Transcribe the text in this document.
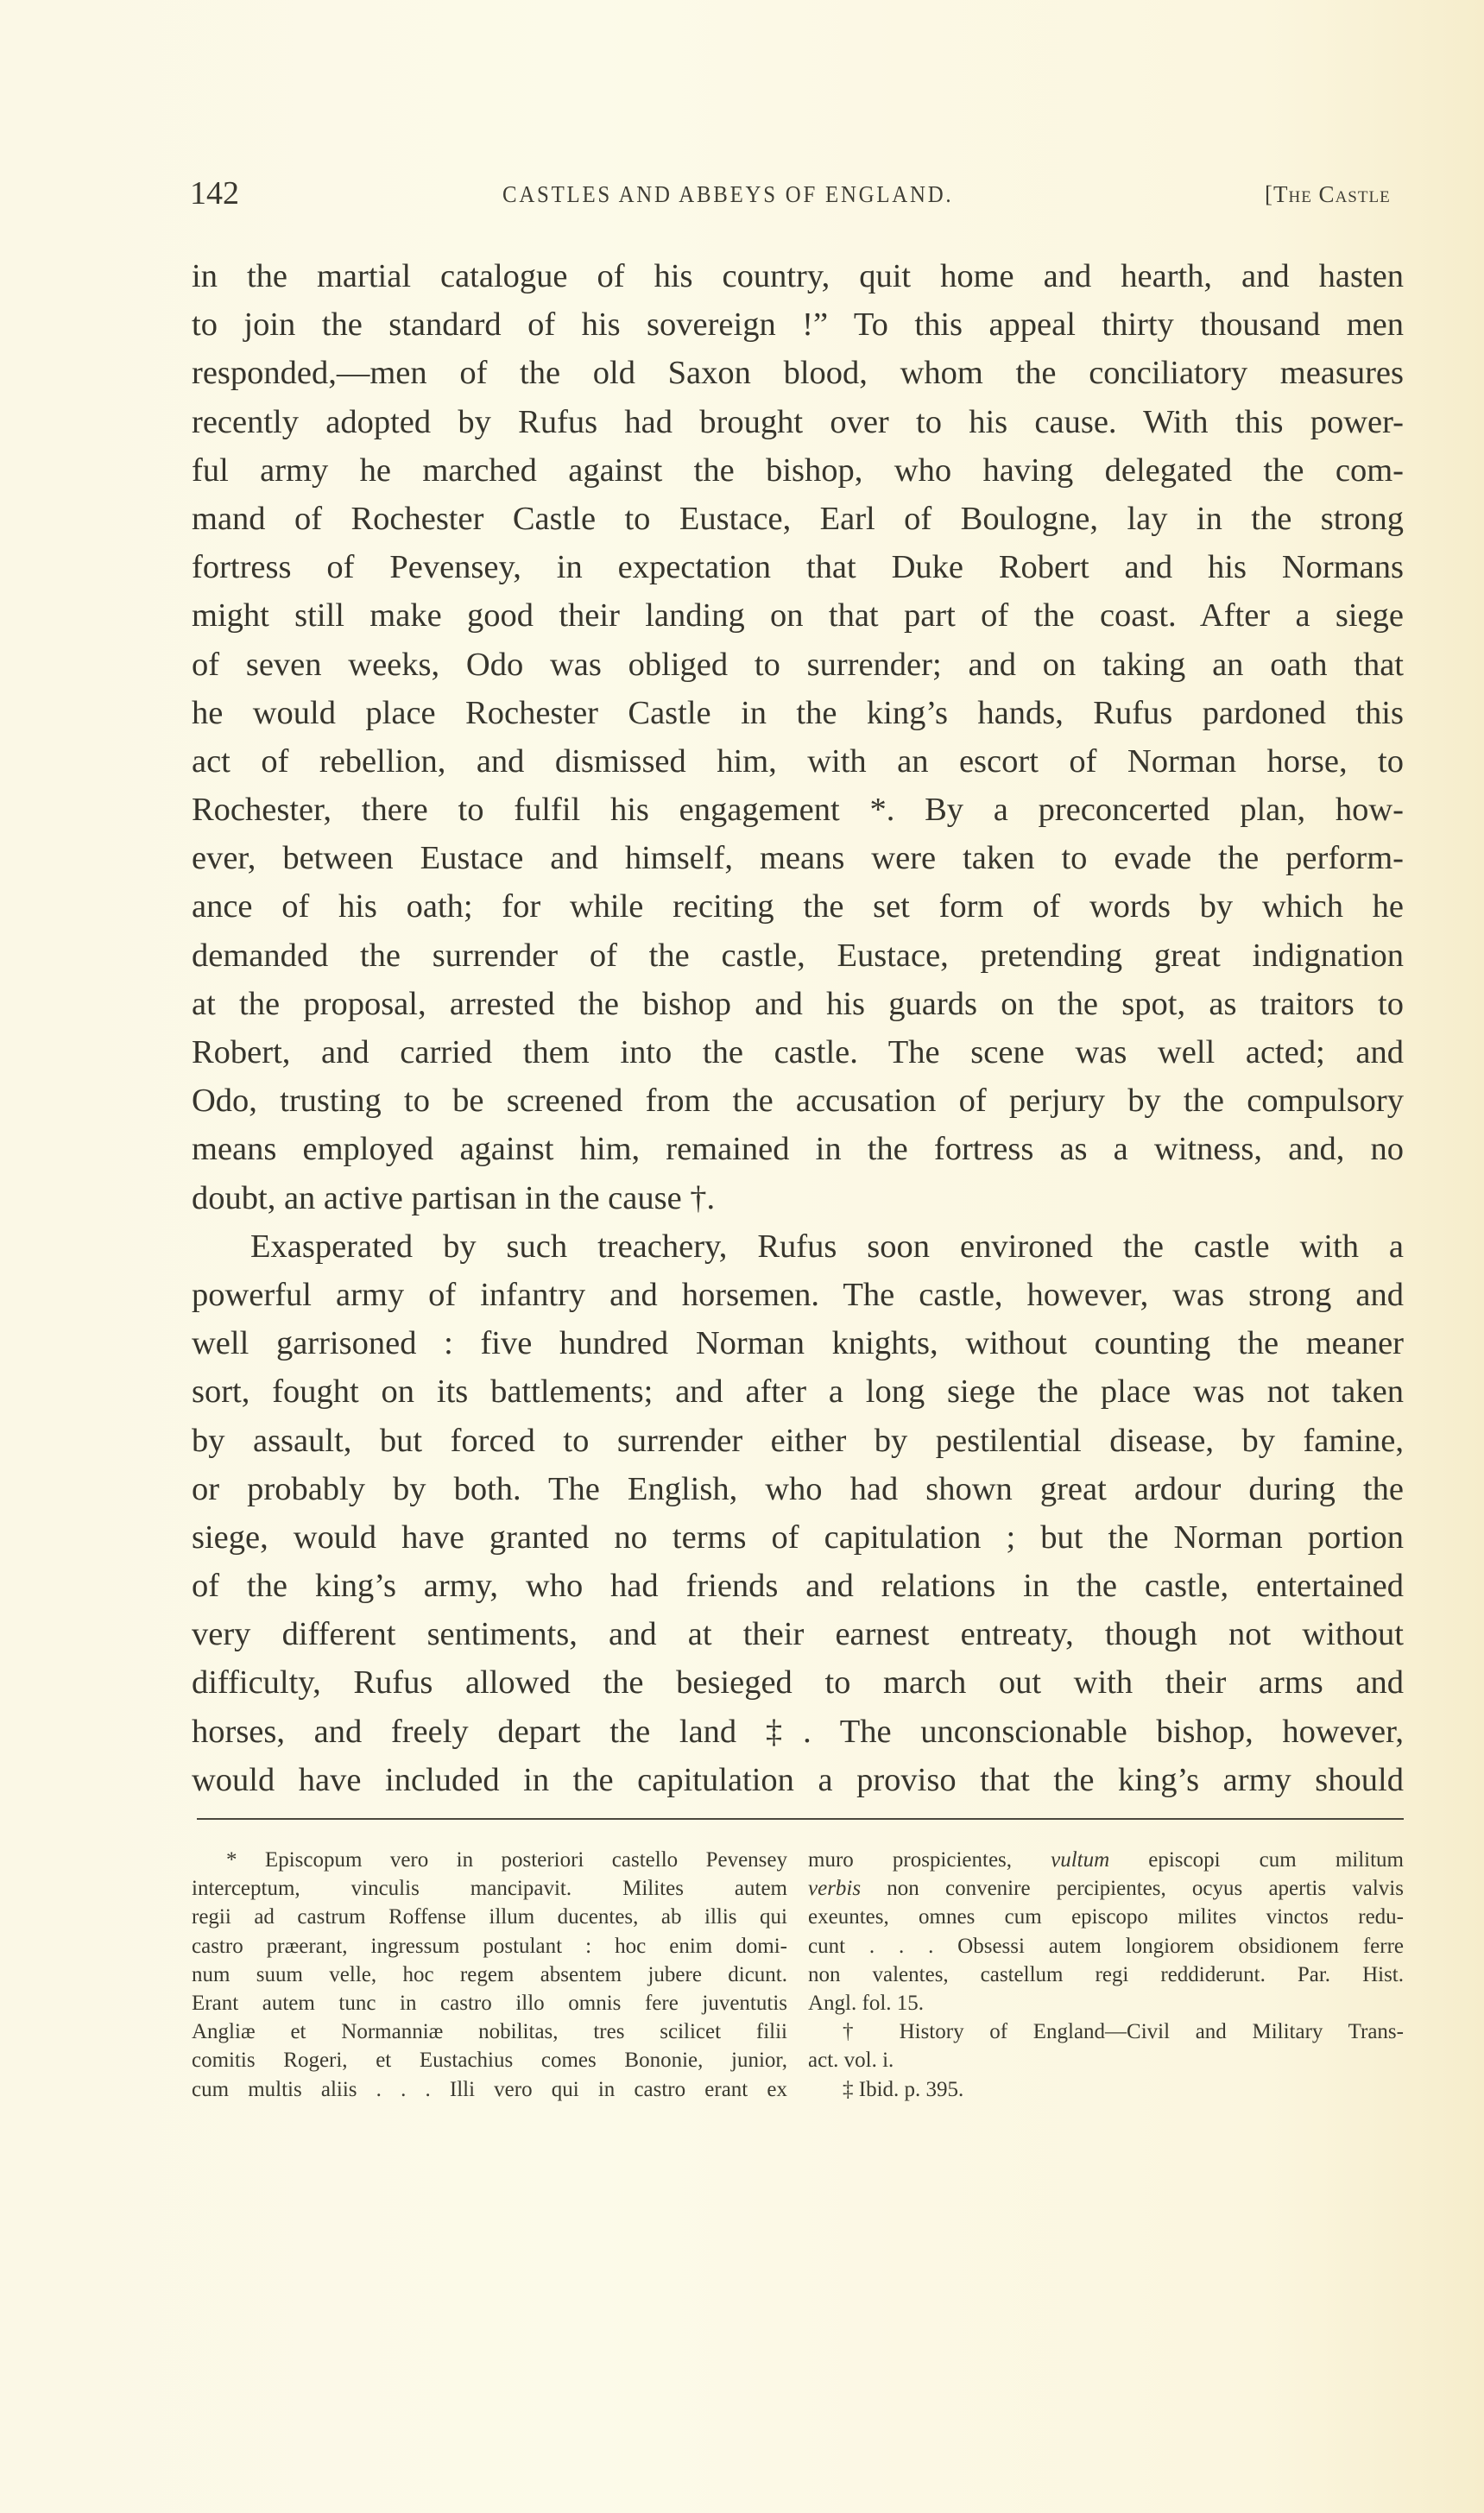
142	CASTLES AND ABBEYS OF ENGLAND.	[The Castle
in the martial catalogue of his country, quit home and hearth, and hasten
to join the standard of his sovereign !” To this appeal thirty thousand men
responded,—men of the old Saxon blood, whom the conciliatory measures
recently adopted by Rufus had brought over to his cause. With this power-
ful army he marched against the bishop, who having delegated the com-
mand of Rochester Castle to Eustace, Earl of Boulogne, lay in the strong
fortress of Pevensey, in expectation that Duke Robert and his Normans
might still make good their landing on that part of the coast. After a siege
of seven weeks, Odo was obliged to surrender; and on taking an oath that
he would place Rochester Castle in the king’s hands, Rufus pardoned this
act of rebellion, and dismissed him, with an escort of Norman horse, to
Rochester, there to fulfil his engagement *. By a preconcerted plan, how-
ever, between Eustace and himself, means were taken to evade the perform-
ance of his oath; for while reciting the set form of words by which he
demanded the surrender of the castle, Eustace, pretending great indignation
at the proposal, arrested the bishop and his guards on the spot, as traitors to
Robert, and carried them into the castle. The scene was well acted; and
Odo, trusting to be screened from the accusation of perjury by the compulsory
means employed against him, remained in the fortress as a witness, and, no
doubt, an active partisan in the cause †.
Exasperated by such treachery, Rufus soon environed the castle with a
powerful army of infantry and horsemen. The castle, however, was strong and
well garrisoned : five hundred Norman knights, without counting the meaner
sort, fought on its battlements; and after a long siege the place was not taken
by assault, but forced to surrender either by pestilential disease, by famine,
or probably by both. The English, who had shown great ardour during the
siege, would have granted no terms of capitulation ; but the Norman portion
of the king’s army, who had friends and relations in the castle, entertained
very different sentiments, and at their earnest entreaty, though not without
difficulty, Rufus allowed the besieged to march out with their arms and
horses, and freely depart the land ‡. The unconscionable bishop, however,
would have included in the capitulation a proviso that the king’s army should
* Episcopum vero in posteriori castello Pevensey
interceptum, vinculis mancipavit. Milites autem
regii ad castrum Roffense illum ducentes, ab illis qui
castro præerant, ingressum postulant : hoc enim domi-
num suum velle, hoc regem absentem jubere dicunt.
Erant autem tunc in castro illo omnis fere juventutis
Angliæ et Normanniæ nobilitas, tres scilicet filii
comitis Rogeri, et Eustachius comes Bononie, junior,
cum multis aliis . . . Illi vero qui in castro erant ex
muro prospicientes, vultum episcopi cum militum
verbis non convenire percipientes, ocyus apertis valvis
exeuntes, omnes cum episcopo milites vinctos redu-
cunt . . . Obsessi autem longiorem obsidionem ferre
non valentes, castellum regi reddiderunt. Par. Hist.
Angl. fol. 15.
† History of England—Civil and Military Trans-
act. vol. i.
‡ Ibid. p. 395.
